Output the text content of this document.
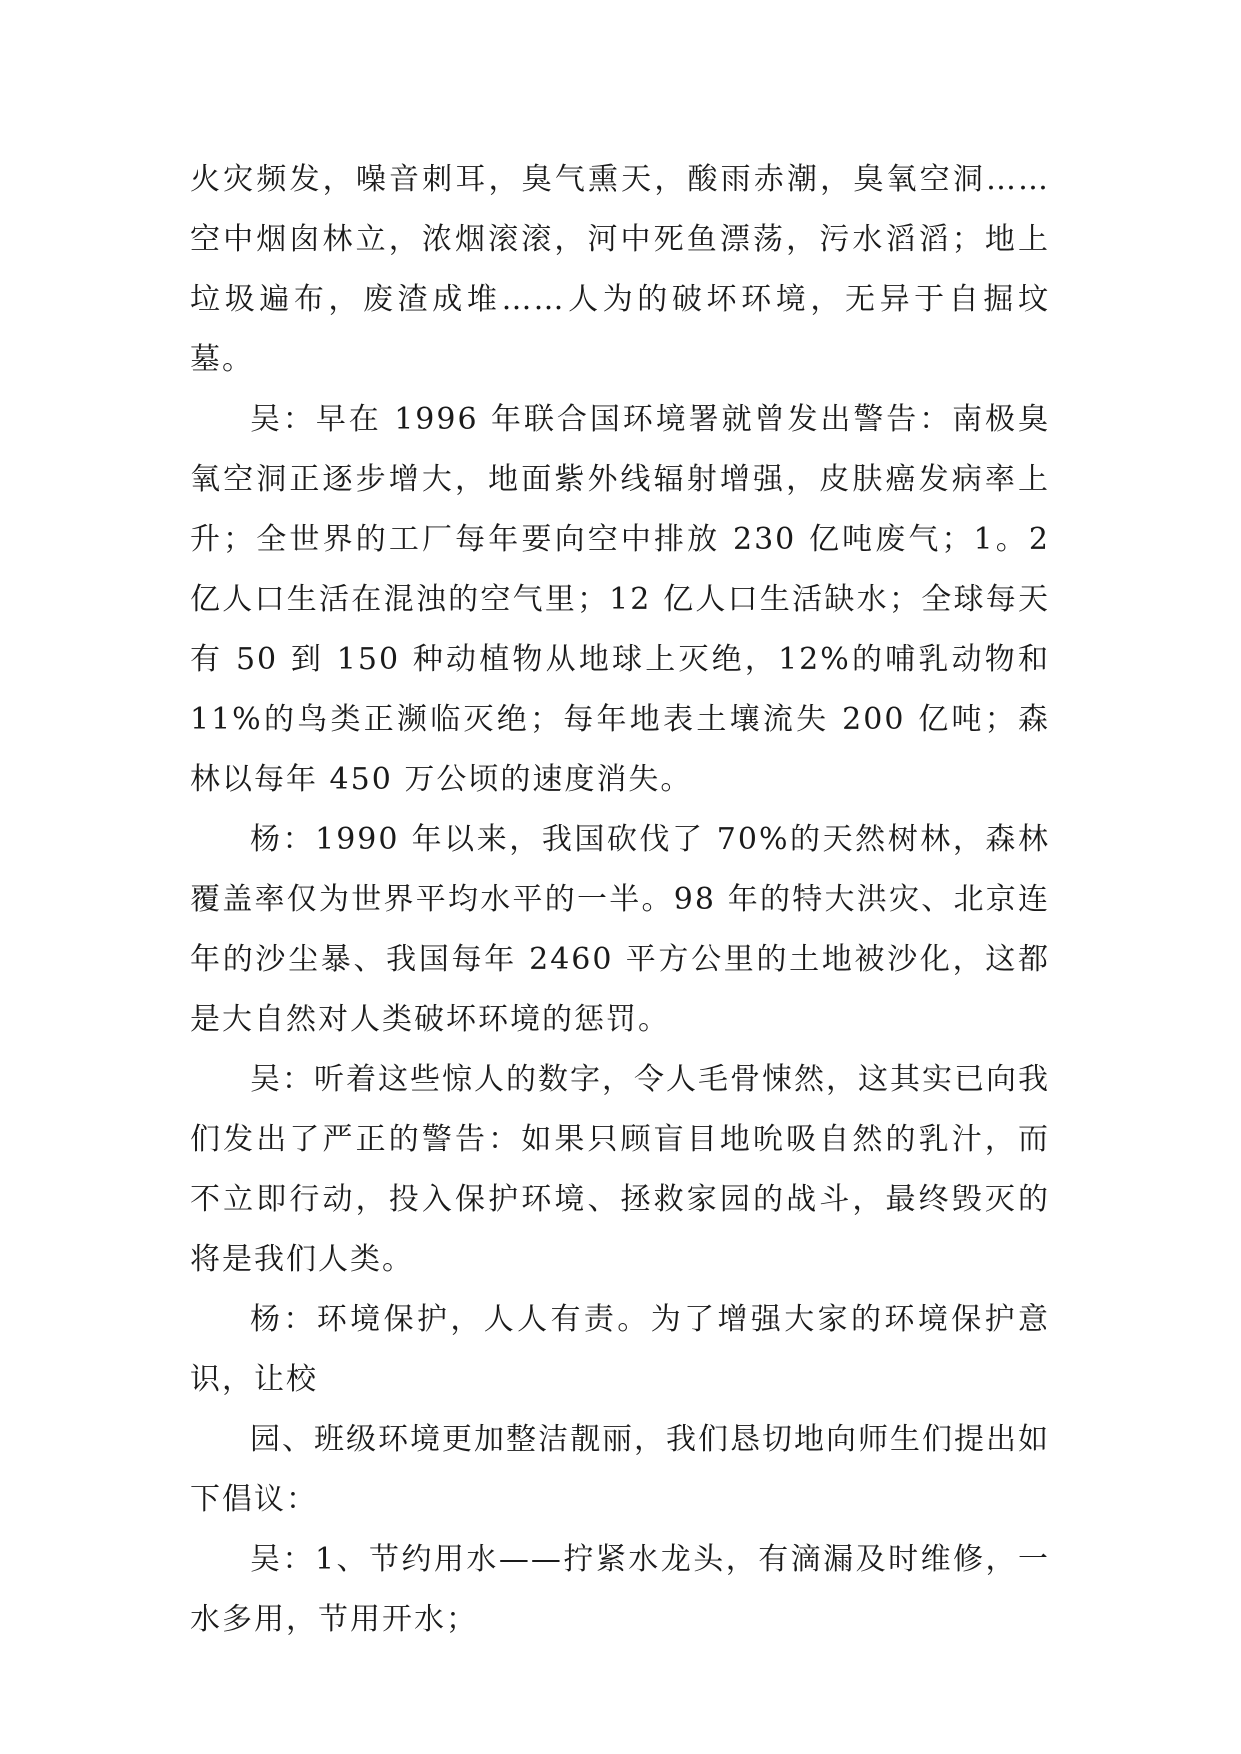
火灾频发，噪音刺耳，臭气熏天，酸雨赤潮，臭氧空洞……空中烟囱林立，浓烟滚滚，河中死鱼漂荡，污水滔滔；地上垃圾遍布，废渣成堆……人为的破坏环境，无异于自掘坟墓。

吴：早在 1996 年联合国环境署就曾发出警告：南极臭氧空洞正逐步增大，地面紫外线辐射增强，皮肤癌发病率上升；全世界的工厂每年要向空中排放 230 亿吨废气；1。2 亿人口生活在混浊的空气里；12 亿人口生活缺水；全球每天有 50 到 150 种动植物从地球上灭绝，12%的哺乳动物和 11%的鸟类正濒临灭绝；每年地表土壤流失 200 亿吨；森林以每年 450 万公顷的速度消失。

杨：1990 年以来，我国砍伐了 70%的天然树林，森林覆盖率仅为世界平均水平的一半。98 年的特大洪灾、北京连年的沙尘暴、我国每年 2460 平方公里的土地被沙化，这都是大自然对人类破坏环境的惩罚。

吴：听着这些惊人的数字，令人毛骨悚然，这其实已向我们发出了严正的警告：如果只顾盲目地吮吸自然的乳汁，而不立即行动，投入保护环境、拯救家园的战斗，最终毁灭的将是我们人类。

杨：环境保护，人人有责。为了增强大家的环境保护意识，让校

园、班级环境更加整洁靓丽，我们恳切地向师生们提出如下倡议：

吴：1、节约用水——拧紧水龙头，有滴漏及时维修，一水多用，节用开水；
